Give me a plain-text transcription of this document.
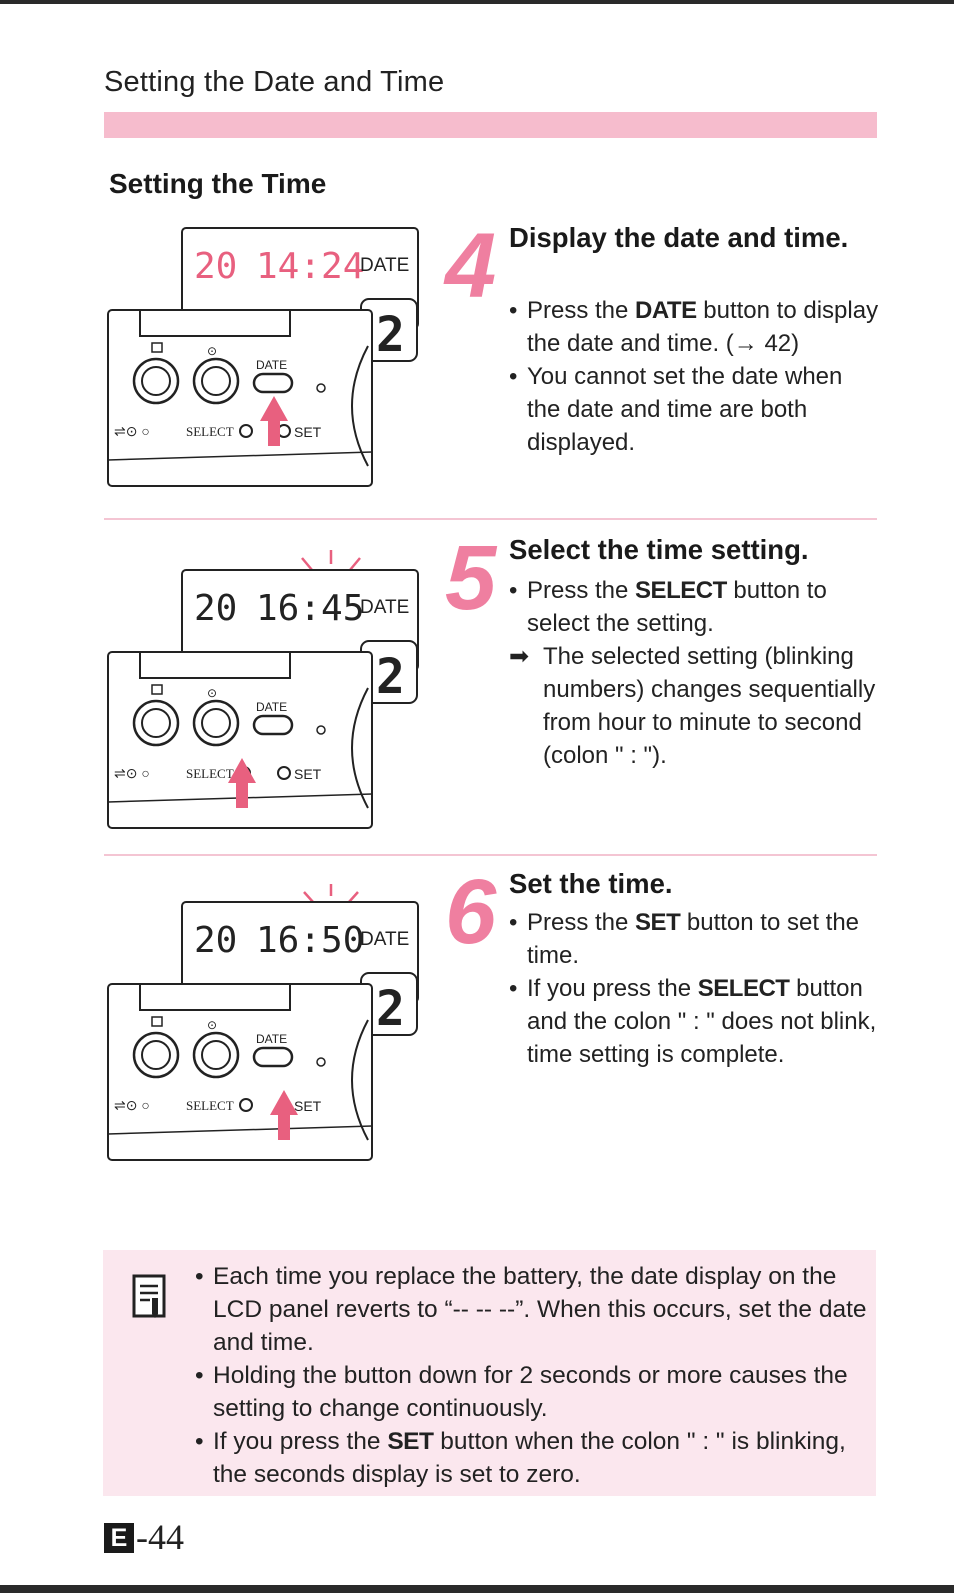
Setting the Date and Time
Setting the Time
20 14:24
DATE
2
⊙
DATE
⇌⊙ ○	SELECT	SET
4 Display the date and time.
• Press the DATE button to display the date and time. (→ 42)
• You cannot set the date when the date and time are both displayed.
20 16:45
DATE
2
⊙
DATE
⇌⊙ ○	SELECT	SET
5 Select the time setting.
• Press the SELECT button to select the setting.
➡ The selected setting (blinking numbers) changes sequentially from hour to minute to second (colon " : ").
20 16:50
DATE
2
⊙
DATE
⇌⊙ ○	SELECT	SET
6 Set the time.
• Press the SET button to set the time.
• If you press the SELECT button and the colon " : " does not blink, time setting is complete.
• Each time you replace the battery, the date display on the LCD panel reverts to “-- -- --”. When this occurs, set the date and time.
• Holding the button down for 2 seconds or more causes the setting to change continuously.
• If you press the SET button when the colon " : " is blinking, the seconds display is set to zero.
E -44
